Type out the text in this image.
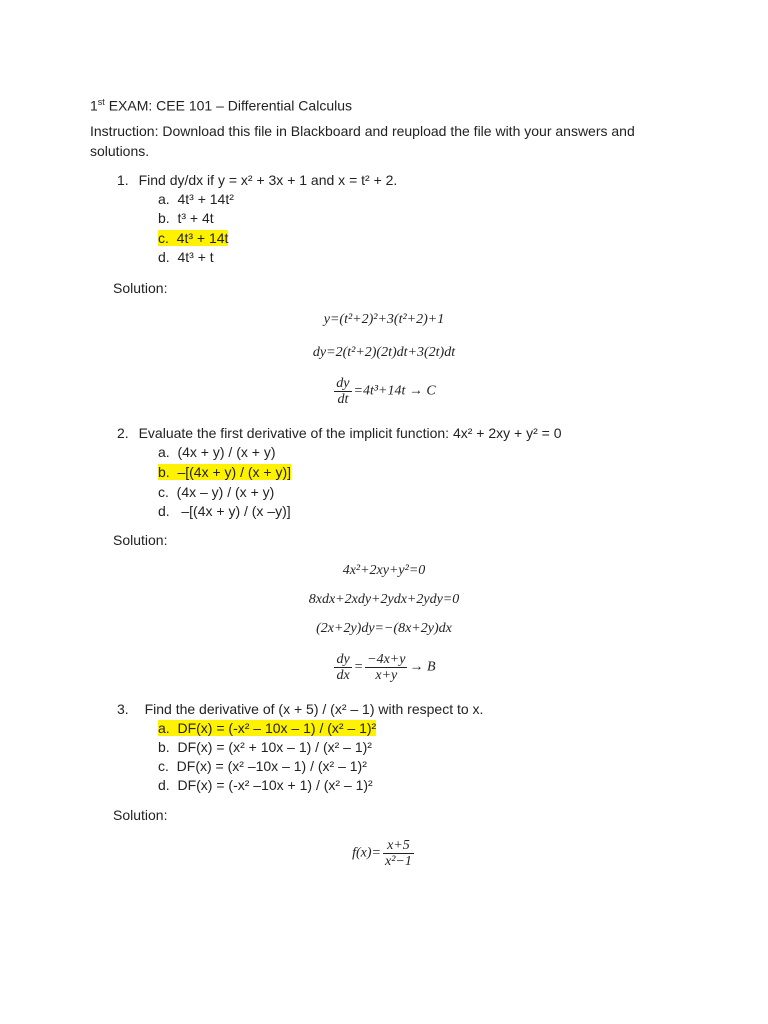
1st EXAM: CEE 101 – Differential Calculus
Instruction: Download this file in Blackboard and reupload the file with your answers and
solutions.
1. Find dy/dx if y = x² + 3x + 1 and x = t² + 2.
a. 4t³ + 14t²
b. t³ + 4t
c. 4t³ + 14t
d. 4t³ + t
Solution:
y=(t²+2)²+3(t²+2)+1
dy=2(t²+2)(2t)dt+3(2t)dt
$\frac{dy}{dt} =4t^3+14t \to C$
2. Evaluate the first derivative of the implicit function: 4x² + 2xy + y² = 0
a. (4x + y) / (x + y)
b. –[(4x + y) / (x + y)]
c. (4x – y) / (x + y)
d.   –[(4x + y) / (x –y)]
Solution:
4x²+2xy+y²=0
8xdx+2xdy+2ydx+2ydy=0
(2x+2y)dy=−(8x+2y)dx
$\frac{dy}{dx} = \frac{-4x+y}{x+y} \to B$
3. Find the derivative of (x + 5) / (x² – 1) with respect to x.
a. DF(x) = (-x² – 10x – 1) / (x² – 1)²
b. DF(x) = (x² + 10x – 1) / (x² – 1)²
c. DF(x) = (x² –10x – 1) / (x² – 1)²
d. DF(x) = (-x² –10x + 1) / (x² – 1)²
Solution:
$f(x)= \frac{x+5}{\text{x²−1}}$
